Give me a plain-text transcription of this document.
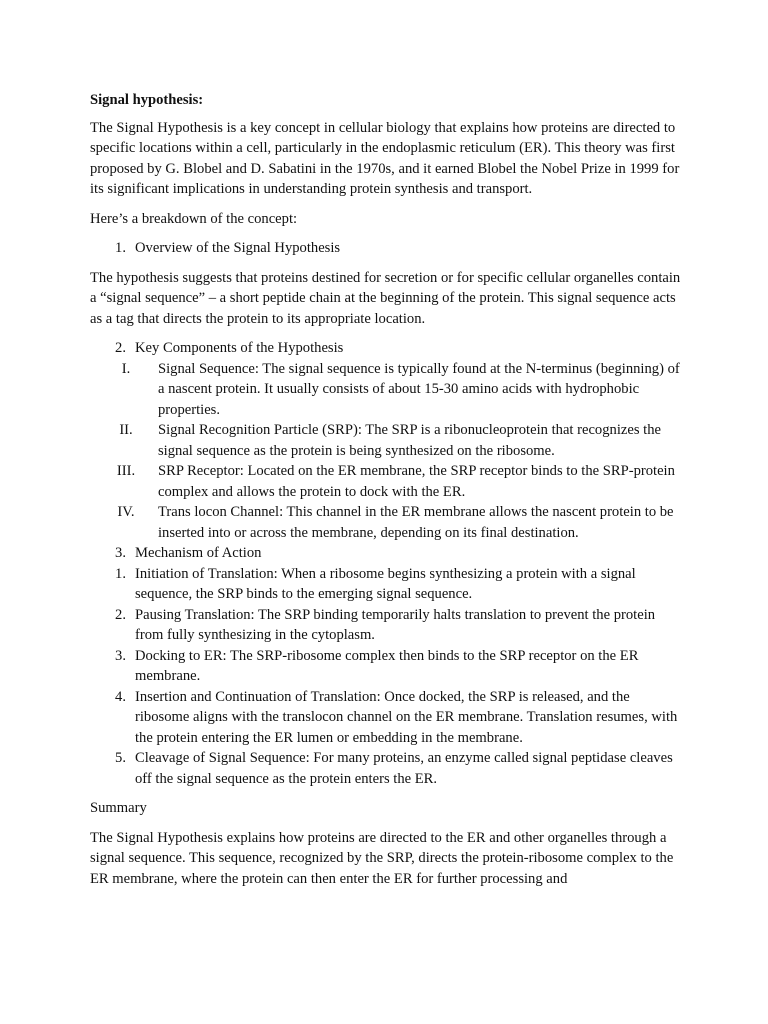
Signal hypothesis:

The Signal Hypothesis is a key concept in cellular biology that explains how proteins are directed to specific locations within a cell, particularly in the endoplasmic reticulum (ER). This theory was first proposed by G. Blobel and D. Sabatini in the 1970s, and it earned Blobel the Nobel Prize in 1999 for its significant implications in understanding protein synthesis and transport.

Here’s a breakdown of the concept:

1. Overview of the Signal Hypothesis

The hypothesis suggests that proteins destined for secretion or for specific cellular organelles contain a “signal sequence” – a short peptide chain at the beginning of the protein. This signal sequence acts as a tag that directs the protein to its appropriate location.

2. Key Components of the Hypothesis
I.	Signal Sequence: The signal sequence is typically found at the N-terminus (beginning) of a nascent protein. It usually consists of about 15-30 amino acids with hydrophobic properties.
II.	Signal Recognition Particle (SRP): The SRP is a ribonucleoprotein that recognizes the signal sequence as the protein is being synthesized on the ribosome.
III.	SRP Receptor: Located on the ER membrane, the SRP receptor binds to the SRP-protein complex and allows the protein to dock with the ER.
IV.	Trans locon Channel: This channel in the ER membrane allows the nascent protein to be inserted into or across the membrane, depending on its final destination.
3. Mechanism of Action
1. Initiation of Translation: When a ribosome begins synthesizing a protein with a signal sequence, the SRP binds to the emerging signal sequence.
2. Pausing Translation: The SRP binding temporarily halts translation to prevent the protein from fully synthesizing in the cytoplasm.
3. Docking to ER: The SRP-ribosome complex then binds to the SRP receptor on the ER membrane.
4. Insertion and Continuation of Translation: Once docked, the SRP is released, and the ribosome aligns with the translocon channel on the ER membrane. Translation resumes, with the protein entering the ER lumen or embedding in the membrane.
5. Cleavage of Signal Sequence: For many proteins, an enzyme called signal peptidase cleaves off the signal sequence as the protein enters the ER.

Summary

The Signal Hypothesis explains how proteins are directed to the ER and other organelles through a signal sequence. This sequence, recognized by the SRP, directs the protein-ribosome complex to the ER membrane, where the protein can then enter the ER for further processing and
